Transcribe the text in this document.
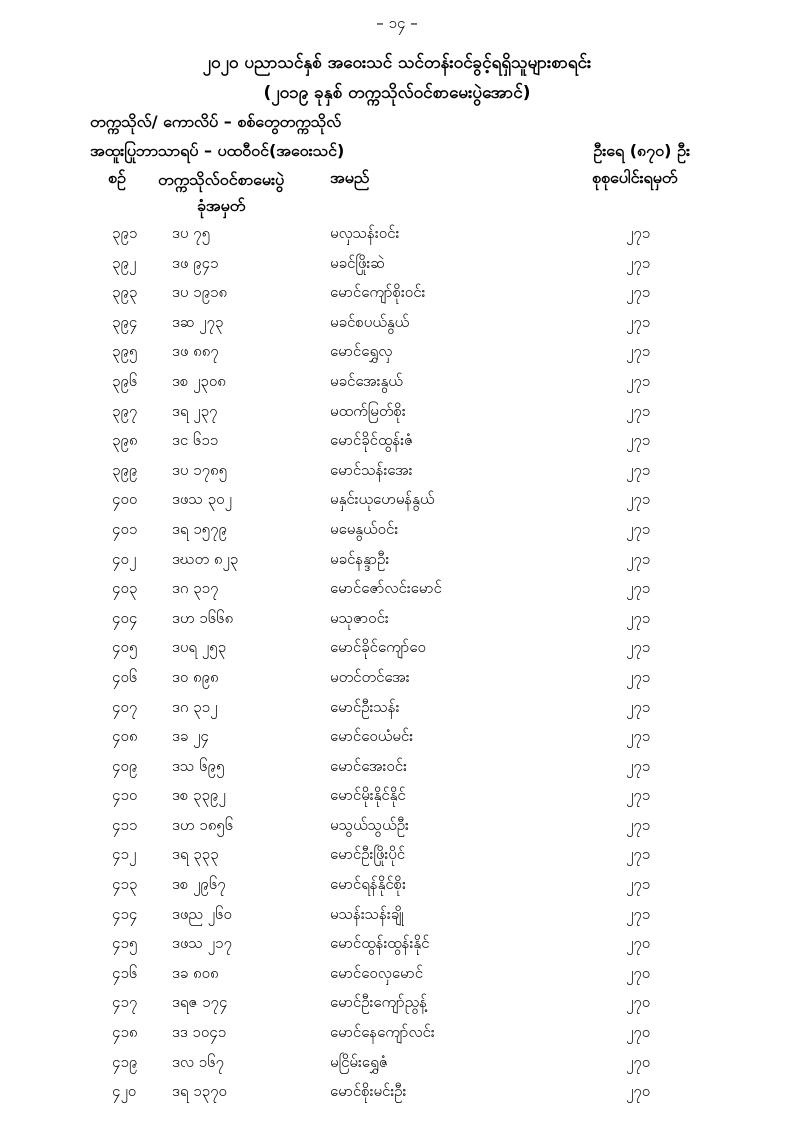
– ၁၄ –
၂၀၂၀ ပညာသင်နှစ် အဝေးသင် သင်တန်းဝင်ခွင့်ရရှိသူများစာရင်း
(၂၀၁၉ ခုနှစ် တက္ကသိုလ်ဝင်စာမေးပွဲအောင်)
တက္ကသိုလ်/ ကောလိပ် – စစ်တွေတက္ကသိုလ်
အထူးပြုဘာသာရပ် – ပထဝီဝင်(အဝေးသင်)	ဦးရေ (၈၇၀) ဦး
စဉ် တက္ကသိုလ်ဝင်စာမေးပွဲ
ခုံအမှတ်
အမည်	စုစုပေါင်းရမှတ်
၃၉၁ ဒပ ၇၅	မလှသန်းဝင်း	၂၇၁
၃၉၂ ဒဖ ၉၄၁	မခင်ဖြိုးဆဲ	၂၇၁
၃၉၃ ဒပ ၁၉၁၈	မောင်ကျော်စိုးဝင်း	၂၇၁
၃၉၄ ဒဆ ၂၇၃	မခင်စပယ်နွယ်	၂၇၁
၃၉၅ ဒဖ ၈၈၇	မောင်ရွှေလှ	၂၇၁
၃၉၆ ဒစ ၂၃၀၈	မခင်အေးနွယ်	၂၇၁
၃၉၇ ဒရ ၂၃၇	မထက်မြတ်စိုး	၂၇၁
၃၉၈ ဒင ၆၁၁	မောင်ခိုင်ထွန်းဇံ	၂၇၁
၃၉၉ ဒပ ၁၇၈၅	မောင်သန်းအေး	၂၇၁
၄၀၀ ဒဖသ ၃၀၂	မနှင်းယုဟေမန်နွယ်	၂၇၁
၄၀၁ ဒရ ၁၅၇၉	မမေနွယ်ဝင်း	၂၇၁
၄၀၂ ဒဃတ ၈၂၃	မခင်နန္ဒာဦး	၂၇၁
၄၀၃ ဒဂ ၃၁၇	မောင်ဇော်လင်းမောင်	၂၇၁
၄၀၄ ဒဟ ၁၆၆၈	မသုဇာဝင်း	၂၇၁
၄၀၅ ဒပရ ၂၅၃	မောင်ခိုင်ကျော်ဝေ	၂၇၁
၄၀၆ ဒဝ ၈၉၈	မတင်တင်အေး	၂၇၁
၄၀၇ ဒဂ ၃၁၂	မောင်ဦးသန်း	၂၇၁
၄၀၈ ဒခ ၂၄	မောင်ဝေယံမင်း	၂၇၁
၄၀၉ ဒသ ၆၉၅	မောင်အေးဝင်း	၂၇၁
၄၁၀ ဒစ ၃၃၉၂	မောင်မိုးနိုင်နိုင်	၂၇၁
၄၁၁ ဒဟ ၁၈၅၆	မသွယ်သွယ်ဦး	၂၇၁
၄၁၂ ဒရ ၃၃၃	မောင်ဦးဖြိုးပိုင်	၂၇၁
၄၁၃ ဒစ ၂၉၆၇	မောင်ရန်နိုင်စိုး	၂၇၁
၄၁၄ ဒဖည ၂၆၀	မသန်းသန်းချို	၂၇၁
၄၁၅ ဒဖသ ၂၁၇	မောင်ထွန်းထွန်းနိုင်	၂၇၀
၄၁၆ ဒခ ၈၀၈	မောင်ဝေလှမောင်	၂၇၀
၄၁၇ ဒရဇ ၁၇၄	မောင်ဦးကျော်ညွန့်	၂၇၀
၄၁၈ ဒဒ ၁၀၄၁	မောင်နေကျော်လင်း	၂၇၀
၄၁၉ ဒလ ၁၆၇	မငြိမ်းရွှေဇံ	၂၇၀
၄၂၀ ဒရ ၁၃၇၀	မောင်စိုးမင်းဦး	၂၇၀
